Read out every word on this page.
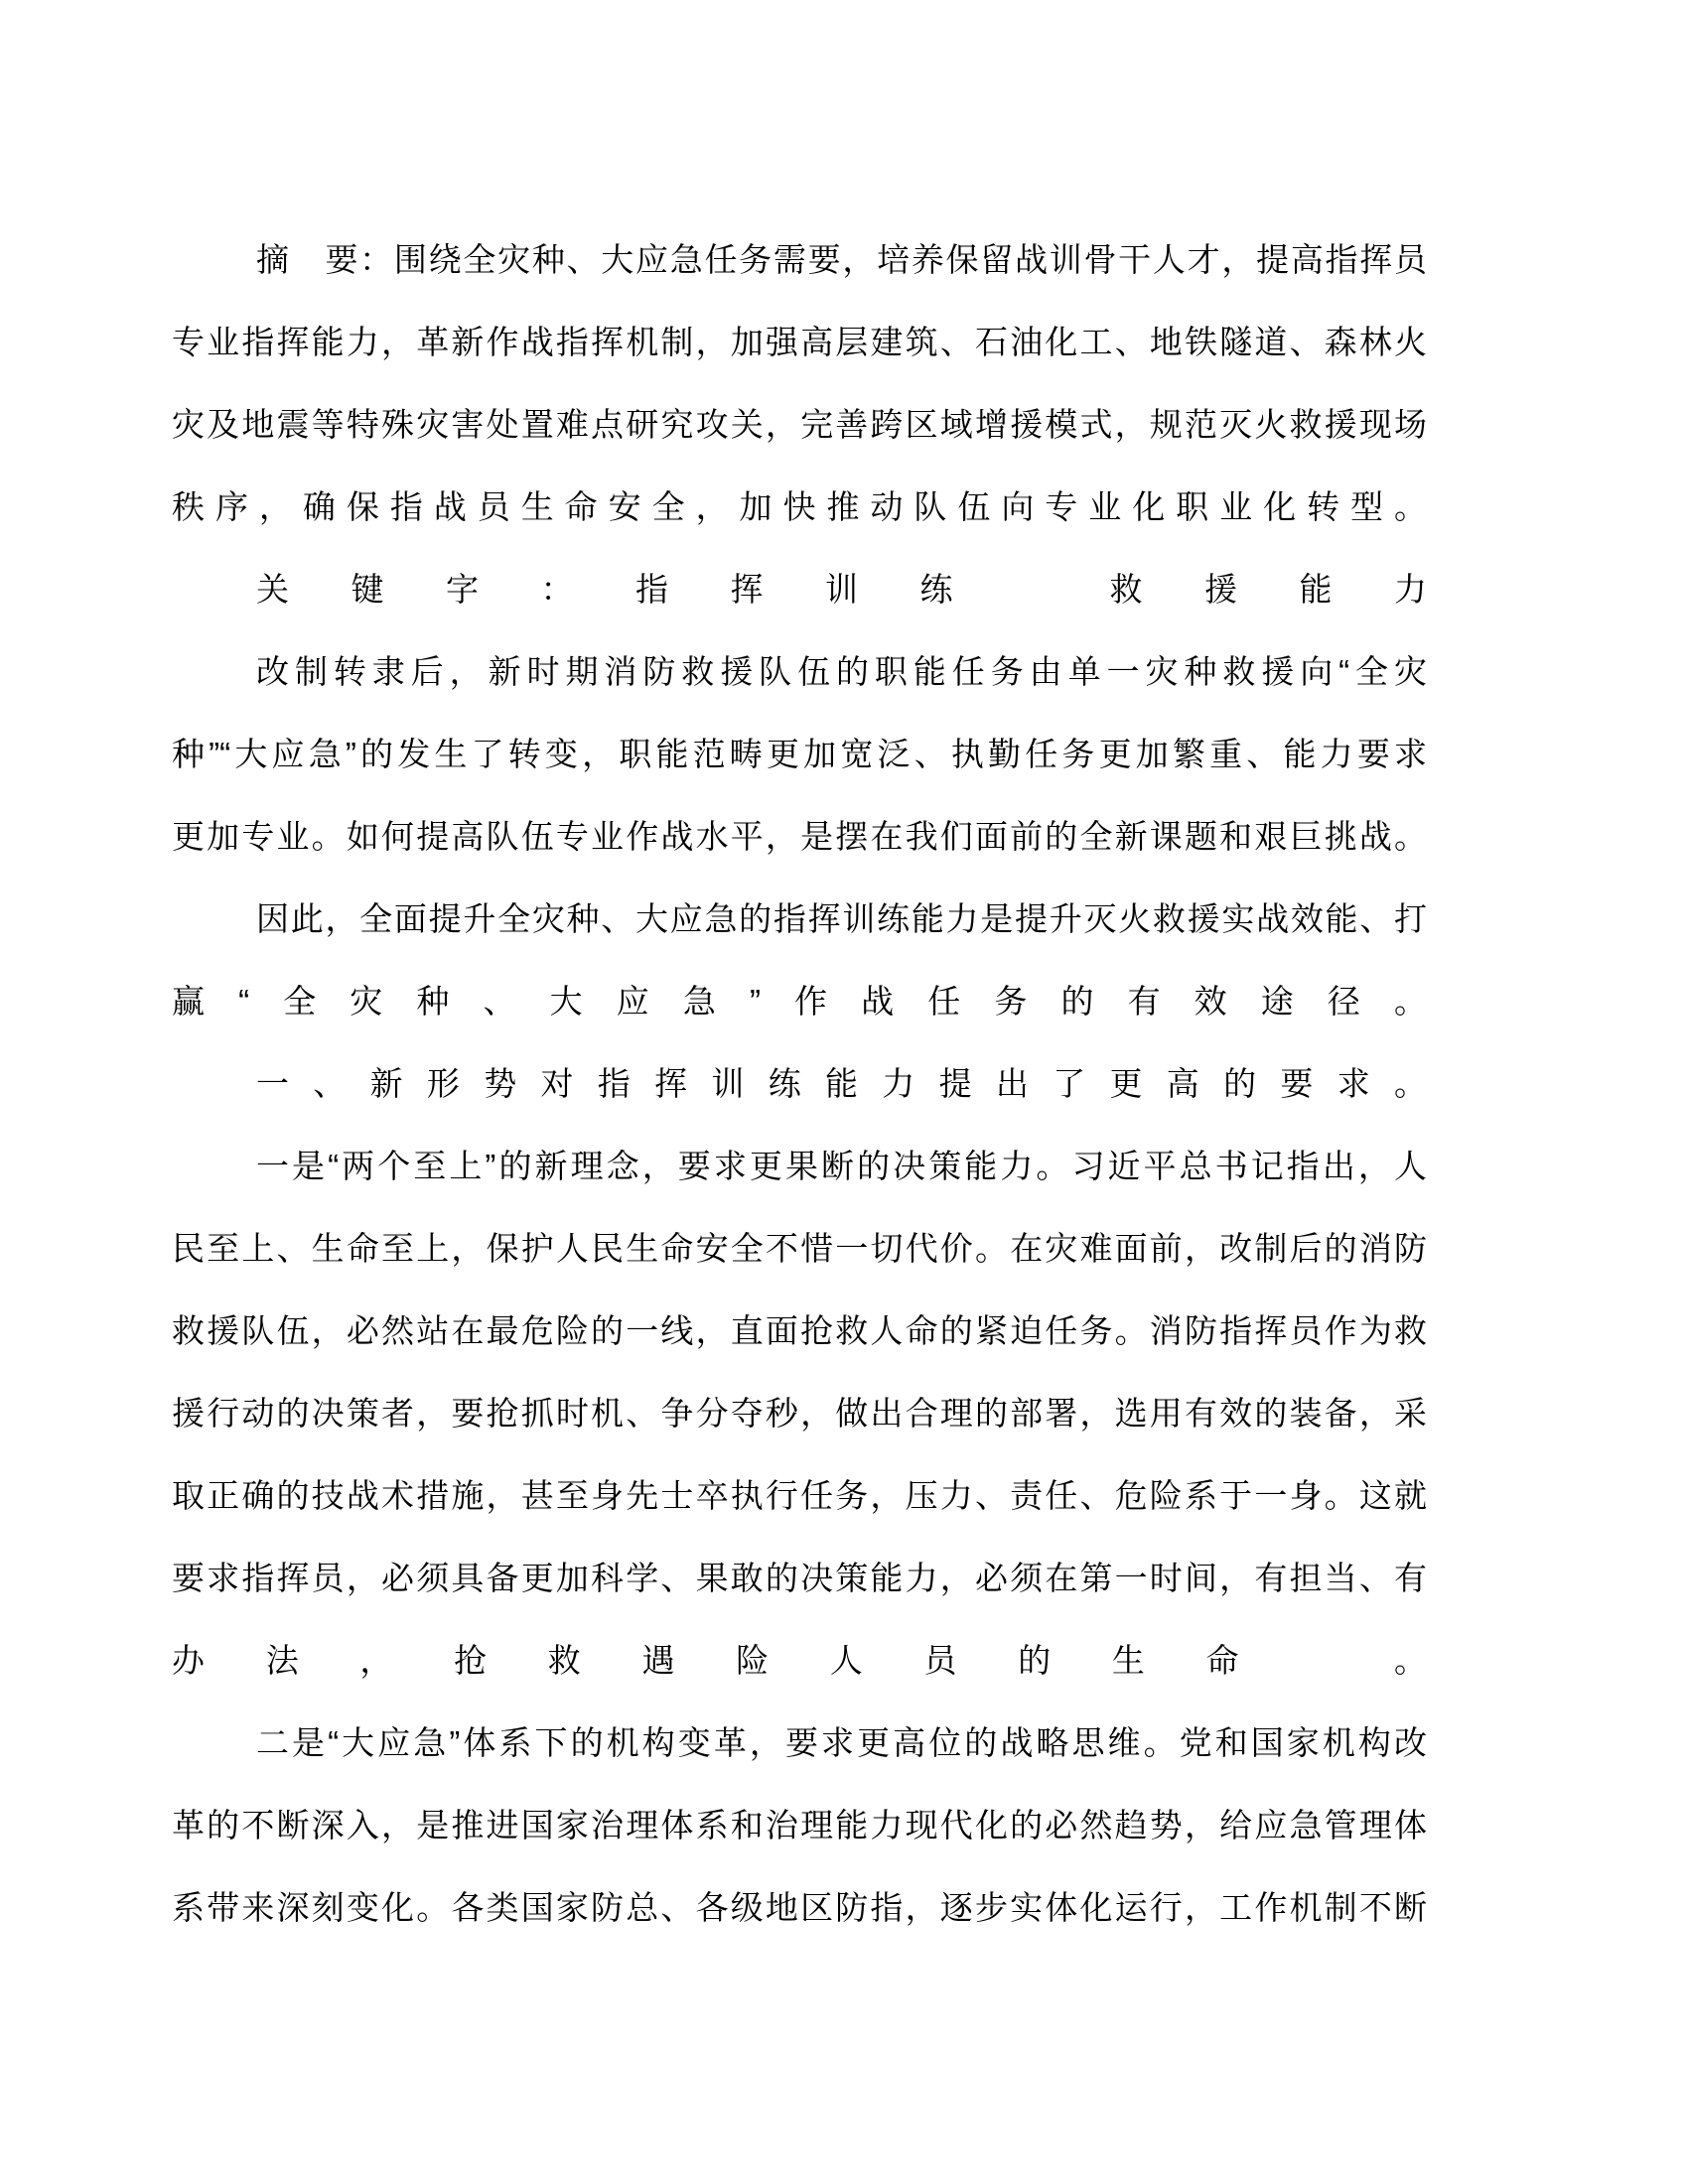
摘　要：围绕全灾种、大应急任务需要，培养保留战训骨干人才，提高指挥员
专业指挥能力，革新作战指挥机制，加强高层建筑、石油化工、地铁隧道、森林火
灾及地震等特殊灾害处置难点研究攻关，完善跨区域增援模式，规范灭火救援现场
秩序，确保指战员生命安全，加快推动队伍向专业化职业化转型。
关键字：指挥训练　救援能力
改制转隶后，新时期消防救援队伍的职能任务由单一灾种救援向“全灾
种”“大应急”的发生了转变，职能范畴更加宽泛、执勤任务更加繁重、能力要求
更加专业。如何提高队伍专业作战水平，是摆在我们面前的全新课题和艰巨挑战。
因此，全面提升全灾种、大应急的指挥训练能力是提升灭火救援实战效能、打
赢“全灾种、大应急”作战任务的有效途径。
一、新形势对指挥训练能力提出了更高的要求。
一是“两个至上”的新理念，要求更果断的决策能力。习近平总书记指出，人
民至上、生命至上，保护人民生命安全不惜一切代价。在灾难面前，改制后的消防
救援队伍，必然站在最危险的一线，直面抢救人命的紧迫任务。消防指挥员作为救
援行动的决策者，要抢抓时机、争分夺秒，做出合理的部署，选用有效的装备，采
取正确的技战术措施，甚至身先士卒执行任务，压力、责任、危险系于一身。这就
要求指挥员，必须具备更加科学、果敢的决策能力，必须在第一时间，有担当、有
办法，抢救遇险人员的生命　。
二是“大应急”体系下的机构变革，要求更高位的战略思维。党和国家机构改
革的不断深入，是推进国家治理体系和治理能力现代化的必然趋势，给应急管理体
系带来深刻变化。各类国家防总、各级地区防指，逐步实体化运行，工作机制不断
